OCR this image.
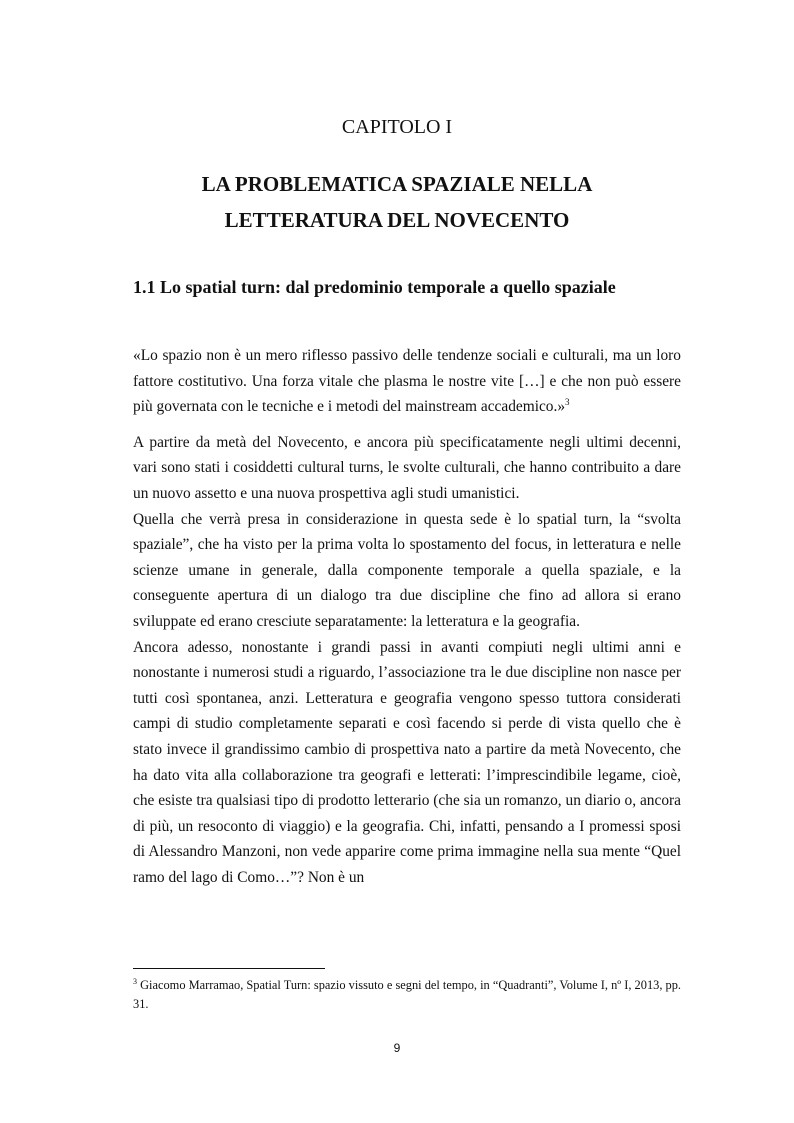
CAPITOLO I
LA PROBLEMATICA SPAZIALE NELLA
LETTERATURA DEL NOVECENTO
1.1 Lo spatial turn: dal predominio temporale a quello spaziale

«Lo spazio non è un mero riflesso passivo delle tendenze sociali e culturali, ma un loro fattore costitutivo. Una forza vitale che plasma le nostre vite […] e che non può essere più governata con le tecniche e i metodi del mainstream accademico.»$^3$

A partire da metà del Novecento, e ancora più specificatamente negli ultimi decenni, vari sono stati i cosiddetti cultural turns, le svolte culturali, che hanno contribuito a dare un nuovo assetto e una nuova prospettiva agli studi umanistici.

Quella che verrà presa in considerazione in questa sede è lo spatial turn, la “svolta spaziale”, che ha visto per la prima volta lo spostamento del focus, in letteratura e nelle scienze umane in generale, dalla componente temporale a quella spaziale, e la conseguente apertura di un dialogo tra due discipline che fino ad allora si erano sviluppate ed erano cresciute separatamente: la letteratura e la geografia.

Ancora adesso, nonostante i grandi passi in avanti compiuti negli ultimi anni e nonostante i numerosi studi a riguardo, l’associazione tra le due discipline non nasce per tutti così spontanea, anzi. Letteratura e geografia vengono spesso tuttora considerati campi di studio completamente separati e così facendo si perde di vista quello che è stato invece il grandissimo cambio di prospettiva nato a partire da metà Novecento, che ha dato vita alla collaborazione tra geografi e letterati: l’imprescindibile legame, cioè, che esiste tra qualsiasi tipo di prodotto letterario (che sia un romanzo, un diario o, ancora di più, un resoconto di viaggio) e la geografia. Chi, infatti, pensando a I promessi sposi di Alessandro Manzoni, non vede apparire come prima immagine nella sua mente “Quel ramo del lago di Como…”? Non è un

$^3$ Giacomo Marramao, Spatial Turn: spazio vissuto e segni del tempo, in “Quadranti”, Volume I, nº I, 2013, pp. 31.
9
